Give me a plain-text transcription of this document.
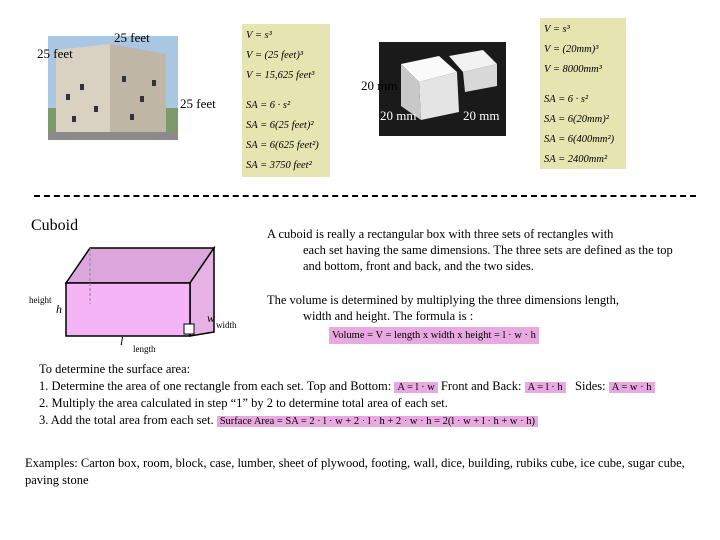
25 feet
25 feet
25 feet
V = s³
V = (25 feet)³
V = 15,625 feet³
SA = 6 · s²
SA = 6(25 feet)²
SA = 6(625 feet²)
SA = 3750 feet²
20 mm
20 mm	20 mm
V = s³
V = (20mm)³
V = 8000mm³
SA = 6 · s²
SA = 6(20mm)²
SA = 6(400mm²)
SA = 2400mm²
Cuboid
height
h
w width
l
length
A cuboid is really a rectangular box with three sets of rectangles with
each set having the same dimensions. The three sets are defined as the top and bottom, front and back, and the two sides.
The volume is determined by multiplying the three dimensions length,
width and height. The formula is :
Volume = V = length x width x height = l · w · h
To determine the surface area:
1. Determine the area of one rectangle from each set. Top and Bottom: A = l · w Front and Back: A = l · h Sides: A = w · h
2. Multiply the area calculated in step “1” by 2 to determine total area of each set.
3. Add the total area from each set. Surface Area = SA = 2 · l · w + 2 · l · h + 2 · w · h = 2(l · w + l · h + w · h)
Examples: Carton box, room, block, case, lumber, sheet of plywood, footing, wall, dice, building, rubiks cube, ice cube, sugar cube, paving stone
